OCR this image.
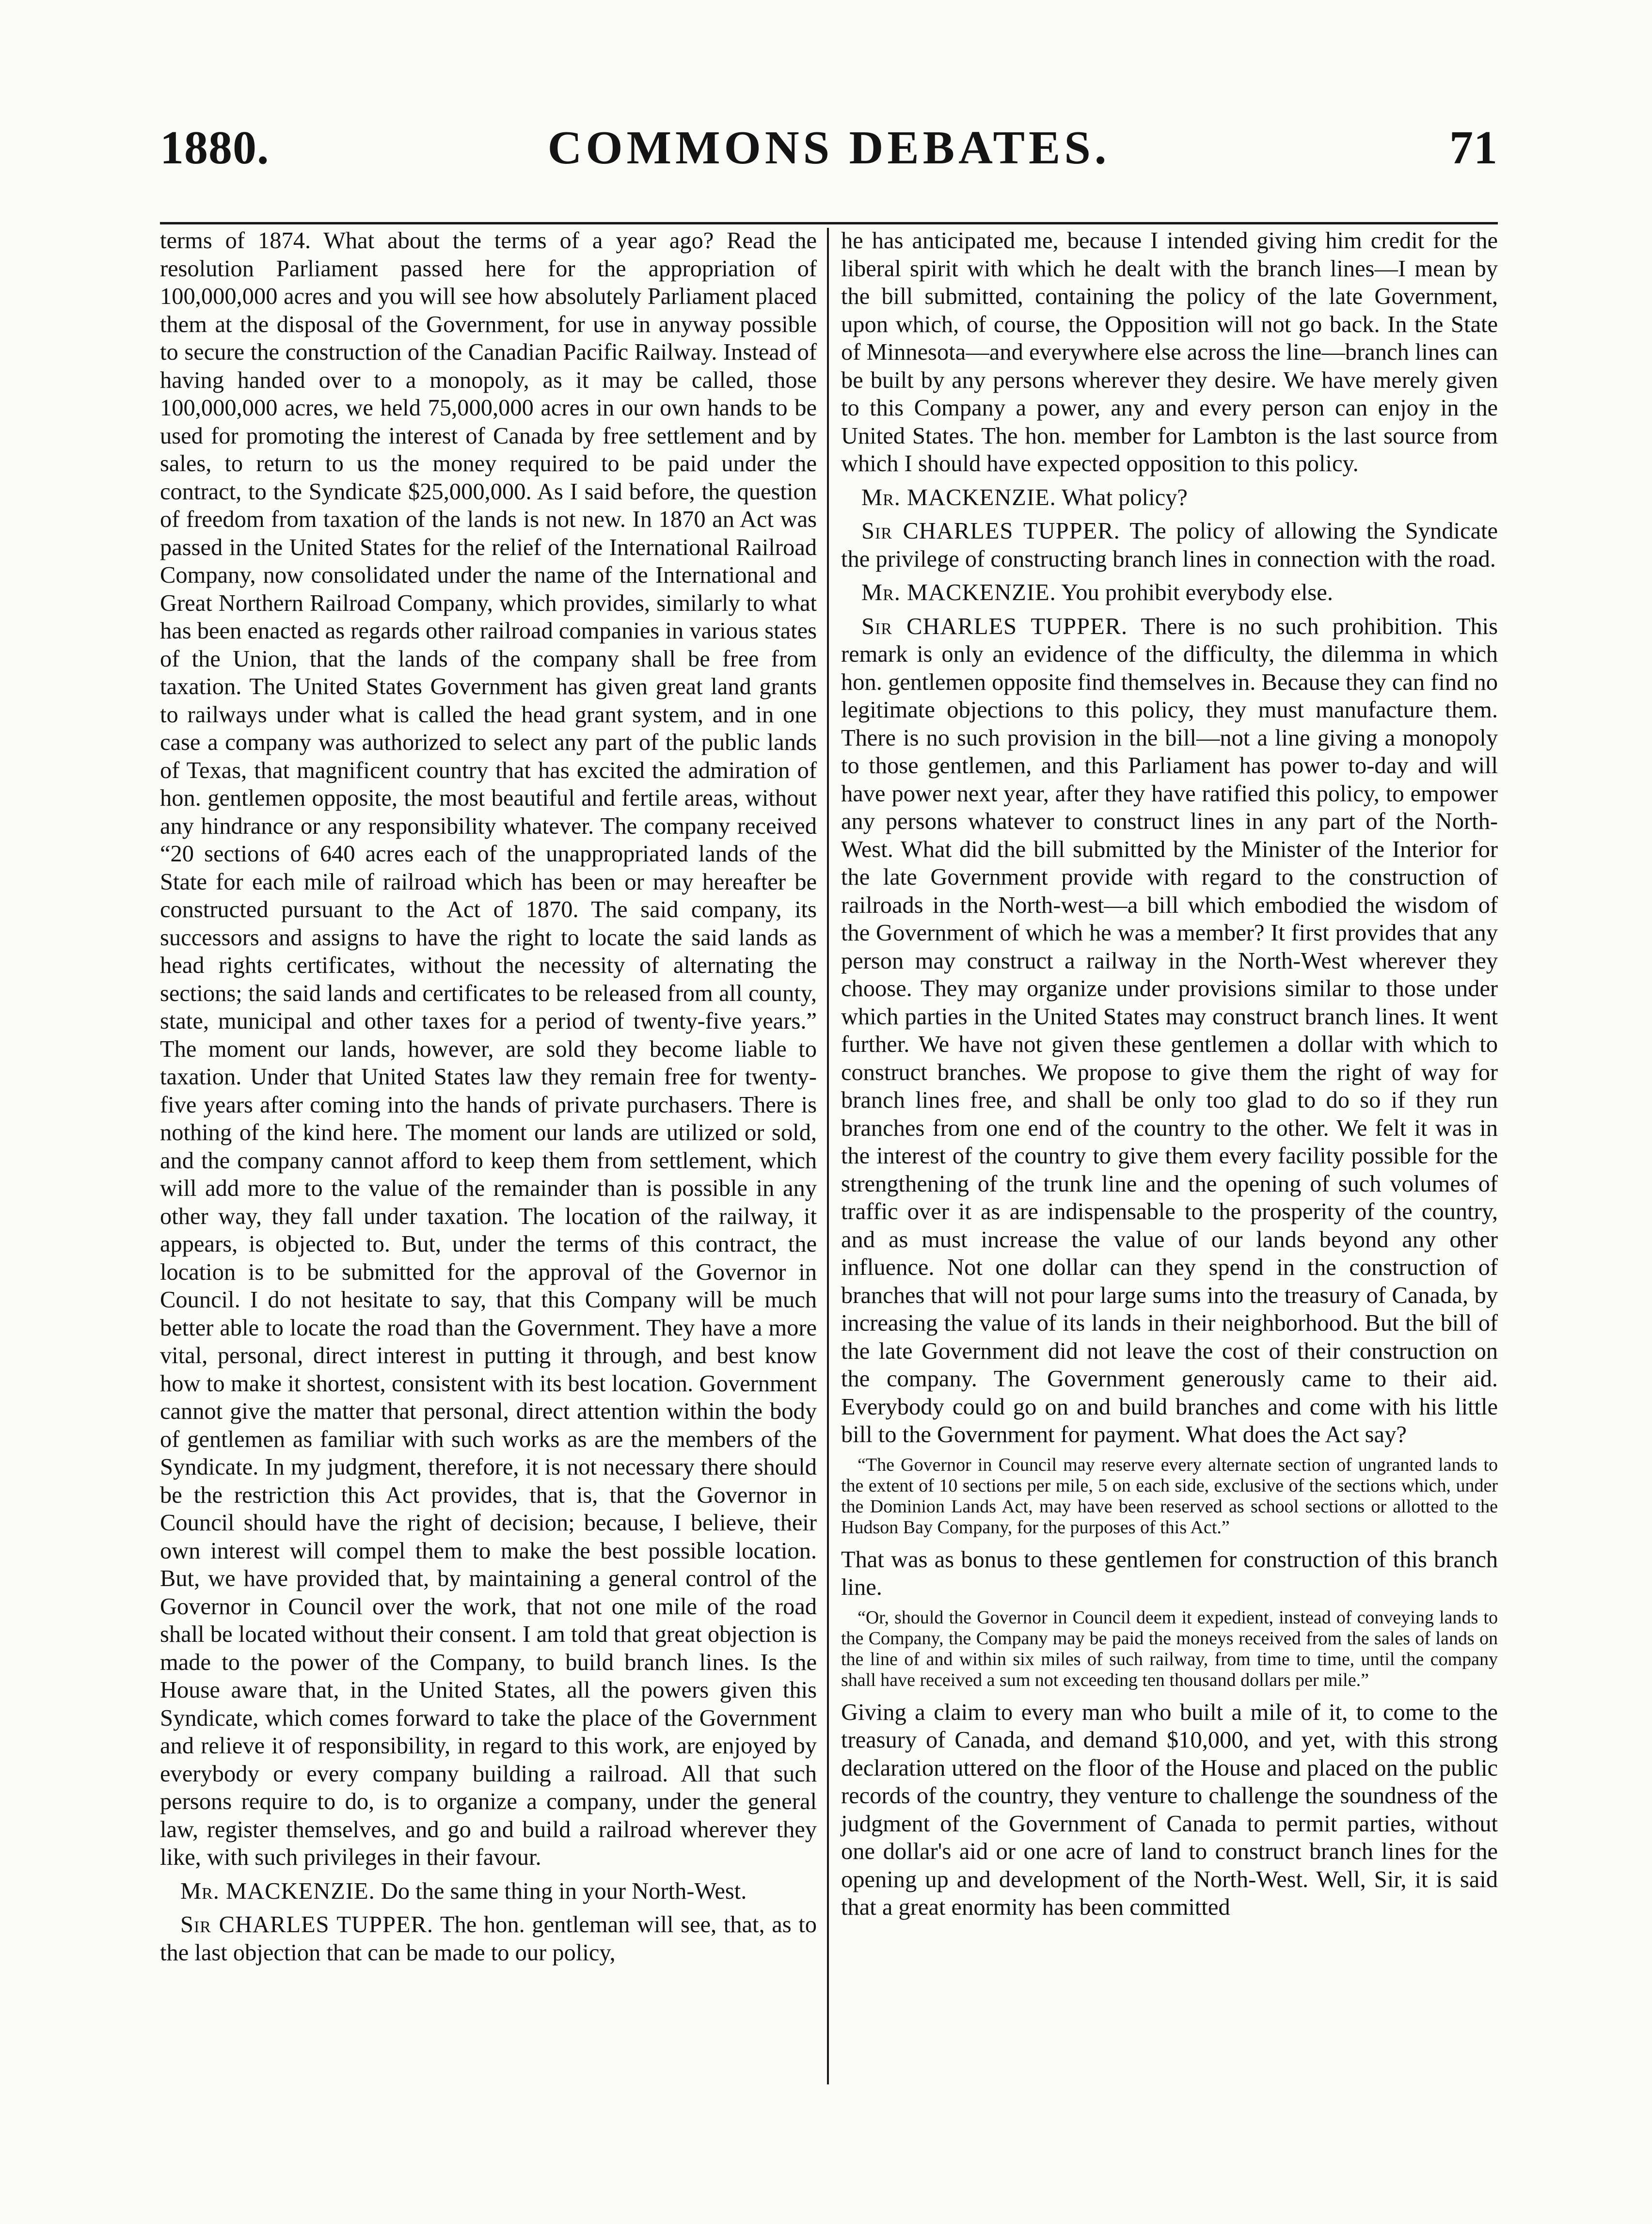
1880.	COMMONS DEBATES.	71

terms of 1874. What about the terms of a year ago? Read the resolution Parliament passed here for the appropriation of 100,000,000 acres and you will see how absolutely Parliament placed them at the disposal of the Government, for use in anyway possible to secure the construction of the Canadian Pacific Railway. Instead of having handed over to a monopoly, as it may be called, those 100,000,000 acres, we held 75,000,000 acres in our own hands to be used for promoting the interest of Canada by free settlement and by sales, to return to us the money required to be paid under the contract, to the Syndicate $25,000,000. As I said before, the question of freedom from taxation of the lands is not new. In 1870 an Act was passed in the United States for the relief of the International Railroad Company, now consolidated under the name of the International and Great Northern Railroad Company, which provides, similarly to what has been enacted as regards other railroad companies in various states of the Union, that the lands of the company shall be free from taxation. The United States Government has given great land grants to railways under what is called the head grant system, and in one case a company was authorized to select any part of the public lands of Texas, that magnificent country that has excited the admiration of hon. gentlemen opposite, the most beautiful and fertile areas, without any hindrance or any responsibility whatever. The company received “20 sections of 640 acres each of the unappropriated lands of the State for each mile of railroad which has been or may hereafter be constructed pursuant to the Act of 1870. The said company, its successors and assigns to have the right to locate the said lands as head rights certificates, without the necessity of alternating the sections; the said lands and certificates to be released from all county, state, municipal and other taxes for a period of twenty-five years.” The moment our lands, however, are sold they become liable to taxation. Under that United States law they remain free for twenty-five years after coming into the hands of private purchasers. There is nothing of the kind here. The moment our lands are utilized or sold, and the company cannot afford to keep them from settlement, which will add more to the value of the remainder than is possible in any other way, they fall under taxation. The location of the railway, it appears, is objected to. But, under the terms of this contract, the location is to be submitted for the approval of the Governor in Council. I do not hesitate to say, that this Company will be much better able to locate the road than the Government. They have a more vital, personal, direct interest in putting it through, and best know how to make it shortest, consistent with its best location. Government cannot give the matter that personal, direct attention within the body of gentlemen as familiar with such works as are the members of the Syndicate. In my judgment, therefore, it is not necessary there should be the restriction this Act provides, that is, that the Governor in Council should have the right of decision; because, I believe, their own interest will compel them to make the best possible location. But, we have provided that, by maintaining a general control of the Governor in Council over the work, that not one mile of the road shall be located without their consent. I am told that great objection is made to the power of the Company, to build branch lines. Is the House aware that, in the United States, all the powers given this Syndicate, which comes forward to take the place of the Government and relieve it of responsibility, in regard to this work, are enjoyed by everybody or every company building a railroad. All that such persons require to do, is to organize a company, under the general law, register themselves, and go and build a railroad wherever they like, with such privileges in their favour.

Mr. MACKENZIE. Do the same thing in your North-West.

Sir CHARLES TUPPER. The hon. gentleman will see, that, as to the last objection that can be made to our policy,

he has anticipated me, because I intended giving him credit for the liberal spirit with which he dealt with the branch lines—I mean by the bill submitted, containing the policy of the late Government, upon which, of course, the Opposition will not go back. In the State of Minnesota—and everywhere else across the line—branch lines can be built by any persons wherever they desire. We have merely given to this Company a power, any and every person can enjoy in the United States. The hon. member for Lambton is the last source from which I should have expected opposition to this policy.

Mr. MACKENZIE. What policy?

Sir CHARLES TUPPER. The policy of allowing the Syndicate the privilege of constructing branch lines in connection with the road.

Mr. MACKENZIE. You prohibit everybody else.

Sir CHARLES TUPPER. There is no such prohibition. This remark is only an evidence of the difficulty, the dilemma in which hon. gentlemen opposite find themselves in. Because they can find no legitimate objections to this policy, they must manufacture them. There is no such provision in the bill—not a line giving a monopoly to those gentlemen, and this Parliament has power to-day and will have power next year, after they have ratified this policy, to empower any persons whatever to construct lines in any part of the North-West. What did the bill submitted by the Minister of the Interior for the late Government provide with regard to the construction of railroads in the North-west—a bill which embodied the wisdom of the Government of which he was a member? It first provides that any person may construct a railway in the North-West wherever they choose. They may organize under provisions similar to those under which parties in the United States may construct branch lines. It went further. We have not given these gentlemen a dollar with which to construct branches. We propose to give them the right of way for branch lines free, and shall be only too glad to do so if they run branches from one end of the country to the other. We felt it was in the interest of the country to give them every facility possible for the strengthening of the trunk line and the opening of such volumes of traffic over it as are indispensable to the prosperity of the country, and as must increase the value of our lands beyond any other influence. Not one dollar can they spend in the construction of branches that will not pour large sums into the treasury of Canada, by increasing the value of its lands in their neighborhood. But the bill of the late Government did not leave the cost of their construction on the company. The Government generously came to their aid. Everybody could go on and build branches and come with his little bill to the Government for payment. What does the Act say?

“The Governor in Council may reserve every alternate section of ungranted lands to the extent of 10 sections per mile, 5 on each side, exclusive of the sections which, under the Dominion Lands Act, may have been reserved as school sections or allotted to the Hudson Bay Company, for the purposes of this Act.”

That was as bonus to these gentlemen for construction of this branch line.

“Or, should the Governor in Council deem it expedient, instead of conveying lands to the Company, the Company may be paid the moneys received from the sales of lands on the line of and within six miles of such railway, from time to time, until the company shall have received a sum not exceeding ten thousand dollars per mile.”

Giving a claim to every man who built a mile of it, to come to the treasury of Canada, and demand $10,000, and yet, with this strong declaration uttered on the floor of the House and placed on the public records of the country, they venture to challenge the soundness of the judgment of the Government of Canada to permit parties, without one dollar's aid or one acre of land to construct branch lines for the opening up and development of the North-West. Well, Sir, it is said that a great enormity has been committed
